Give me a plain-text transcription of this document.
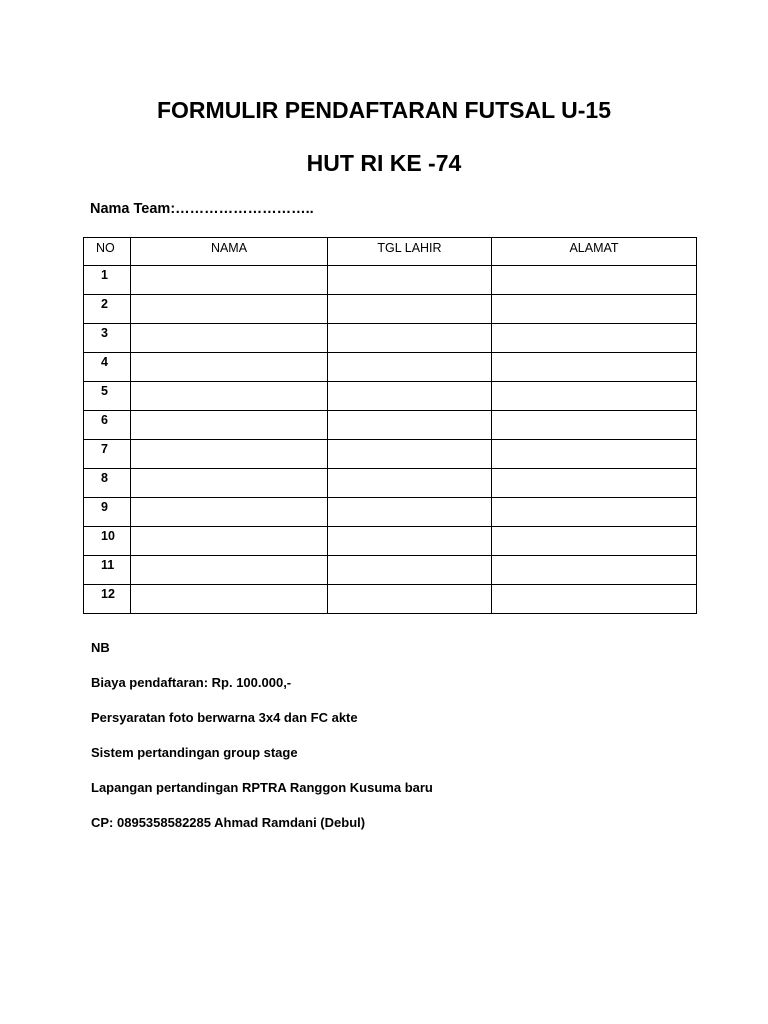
FORMULIR PENDAFTARAN FUTSAL U-15
HUT RI KE -74
Nama Team:………………………..
NO	NAMA	TGL LAHIR	ALAMAT
1			
2			
3			
4			
5			
6			
7			
8			
9			
10			
11			
12			
NB
Biaya pendaftaran: Rp. 100.000,-
Persyaratan foto berwarna 3x4 dan FC akte
Sistem pertandingan group stage
Lapangan pertandingan RPTRA Ranggon Kusuma baru
CP: 0895358582285 Ahmad Ramdani (Debul)
